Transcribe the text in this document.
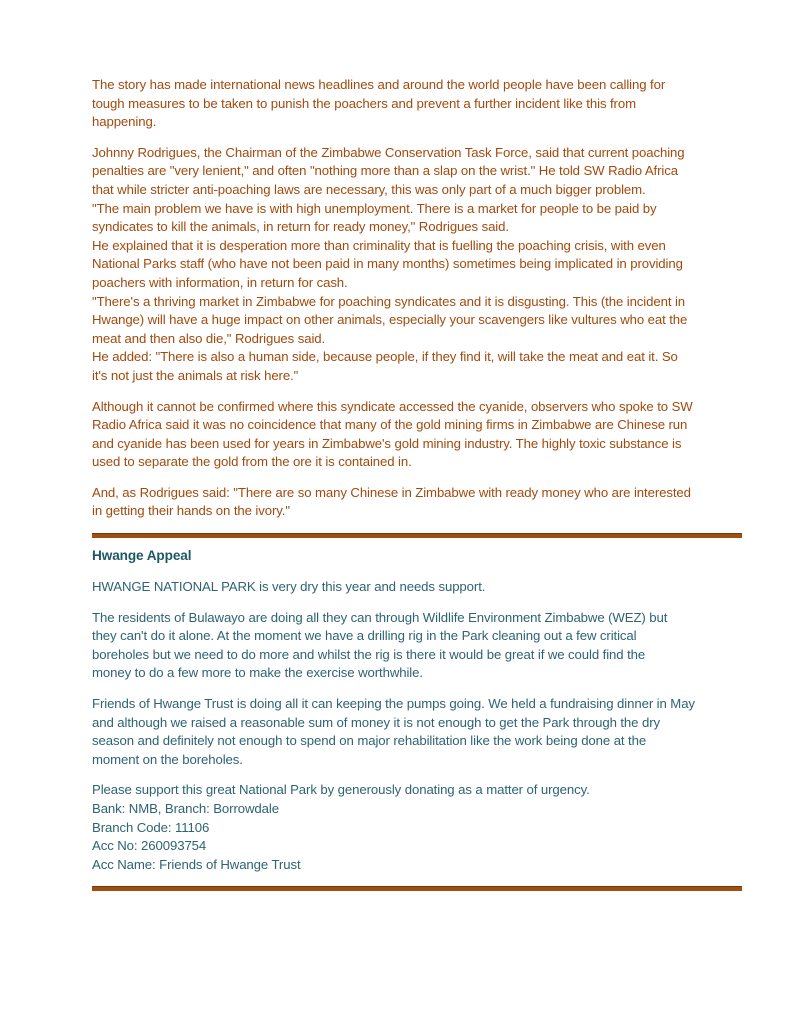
The story has made international news headlines and around the world people have been calling for
tough measures to be taken to punish the poachers and prevent a further incident like this from
happening.
Johnny Rodrigues, the Chairman of the Zimbabwe Conservation Task Force, said that current poaching
penalties are "very lenient," and often "nothing more than a slap on the wrist." He told SW Radio Africa
that while stricter anti-poaching laws are necessary, this was only part of a much bigger problem.
"The main problem we have is with high unemployment. There is a market for people to be paid by
syndicates to kill the animals, in return for ready money," Rodrigues said.
He explained that it is desperation more than criminality that is fuelling the poaching crisis, with even
National Parks staff (who have not been paid in many months) sometimes being implicated in providing
poachers with information, in return for cash.
"There's a thriving market in Zimbabwe for poaching syndicates and it is disgusting. This (the incident in
Hwange) will have a huge impact on other animals, especially your scavengers like vultures who eat the
meat and then also die," Rodrigues said.
He added: "There is also a human side, because people, if they find it, will take the meat and eat it. So
it's not just the animals at risk here."
Although it cannot be confirmed where this syndicate accessed the cyanide, observers who spoke to SW
Radio Africa said it was no coincidence that many of the gold mining firms in Zimbabwe are Chinese run
and cyanide has been used for years in Zimbabwe's gold mining industry. The highly toxic substance is
used to separate the gold from the ore it is contained in.
And, as Rodrigues said: "There are so many Chinese in Zimbabwe with ready money who are interested
in getting their hands on the ivory."
Hwange Appeal
HWANGE NATIONAL PARK is very dry this year and needs support.
The residents of Bulawayo are doing all they can through Wildlife Environment Zimbabwe (WEZ) but
they can't do it alone. At the moment we have a drilling rig in the Park cleaning out a few critical
boreholes but we need to do more and whilst the rig is there it would be great if we could find the
money to do a few more to make the exercise worthwhile.
Friends of Hwange Trust is doing all it can keeping the pumps going. We held a fundraising dinner in May
and although we raised a reasonable sum of money it is not enough to get the Park through the dry
season and definitely not enough to spend on major rehabilitation like the work being done at the
moment on the boreholes.
Please support this great National Park by generously donating as a matter of urgency.
Bank: NMB, Branch: Borrowdale
Branch Code: 11106
Acc No: 260093754
Acc Name: Friends of Hwange Trust
